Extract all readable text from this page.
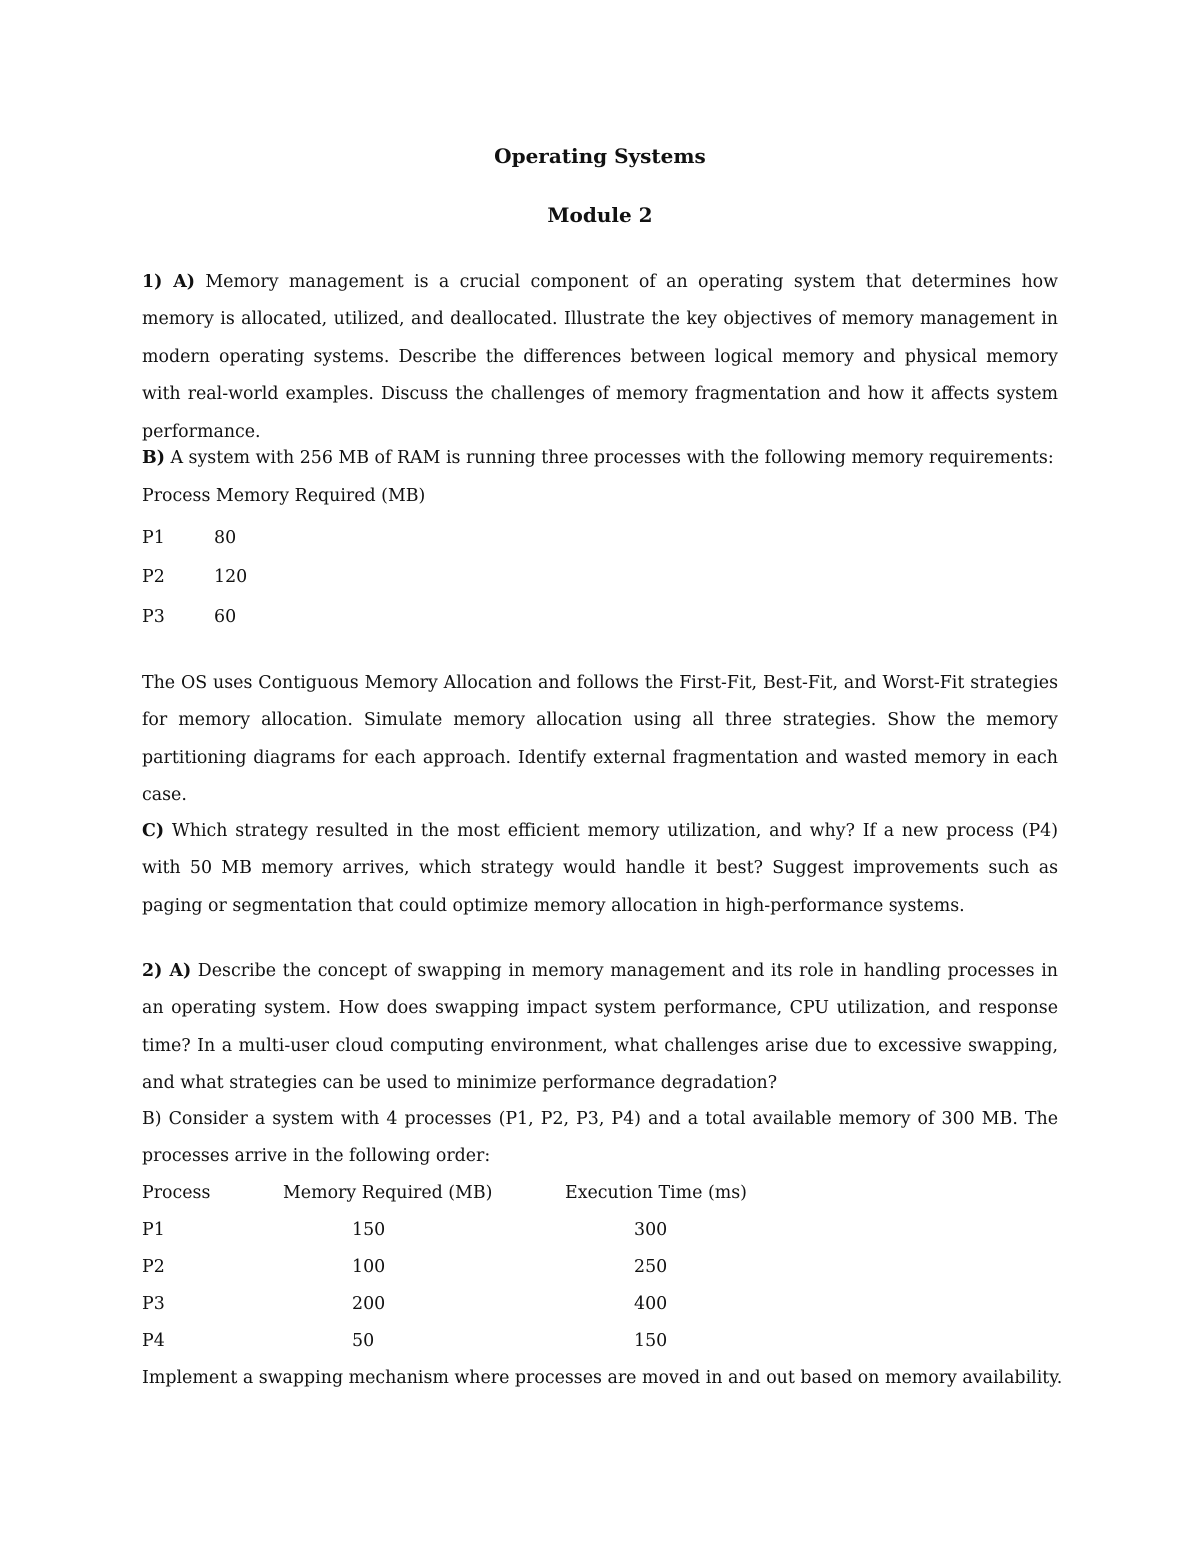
Operating Systems
Module 2
1) A) Memory management is a crucial component of an operating system that determines how memory is allocated, utilized, and deallocated. Illustrate the key objectives of memory management in modern operating systems. Describe the differences between logical memory and physical memory with real-world examples. Discuss the challenges of memory fragmentation and how it affects system performance.
B) A system with 256 MB of RAM is running three processes with the following memory requirements:
Process Memory Required (MB)
P1	80
P2	120
P3	60
The OS uses Contiguous Memory Allocation and follows the First-Fit, Best-Fit, and Worst-Fit strategies for memory allocation. Simulate memory allocation using all three strategies. Show the memory partitioning diagrams for each approach. Identify external fragmentation and wasted memory in each case.
C) Which strategy resulted in the most efficient memory utilization, and why? If a new process (P4) with 50 MB memory arrives, which strategy would handle it best? Suggest improvements such as paging or segmentation that could optimize memory allocation in high-performance systems.
2) A) Describe the concept of swapping in memory management and its role in handling processes in an operating system. How does swapping impact system performance, CPU utilization, and response time? In a multi-user cloud computing environment, what challenges arise due to excessive swapping, and what strategies can be used to minimize performance degradation?
B) Consider a system with 4 processes (P1, P2, P3, P4) and a total available memory of 300 MB. The processes arrive in the following order:
Process	Memory Required (MB)	Execution Time (ms)
P1	150	300
P2	100	250
P3	200	400
P4	50	150
Implement a swapping mechanism where processes are moved in and out based on memory availability.
